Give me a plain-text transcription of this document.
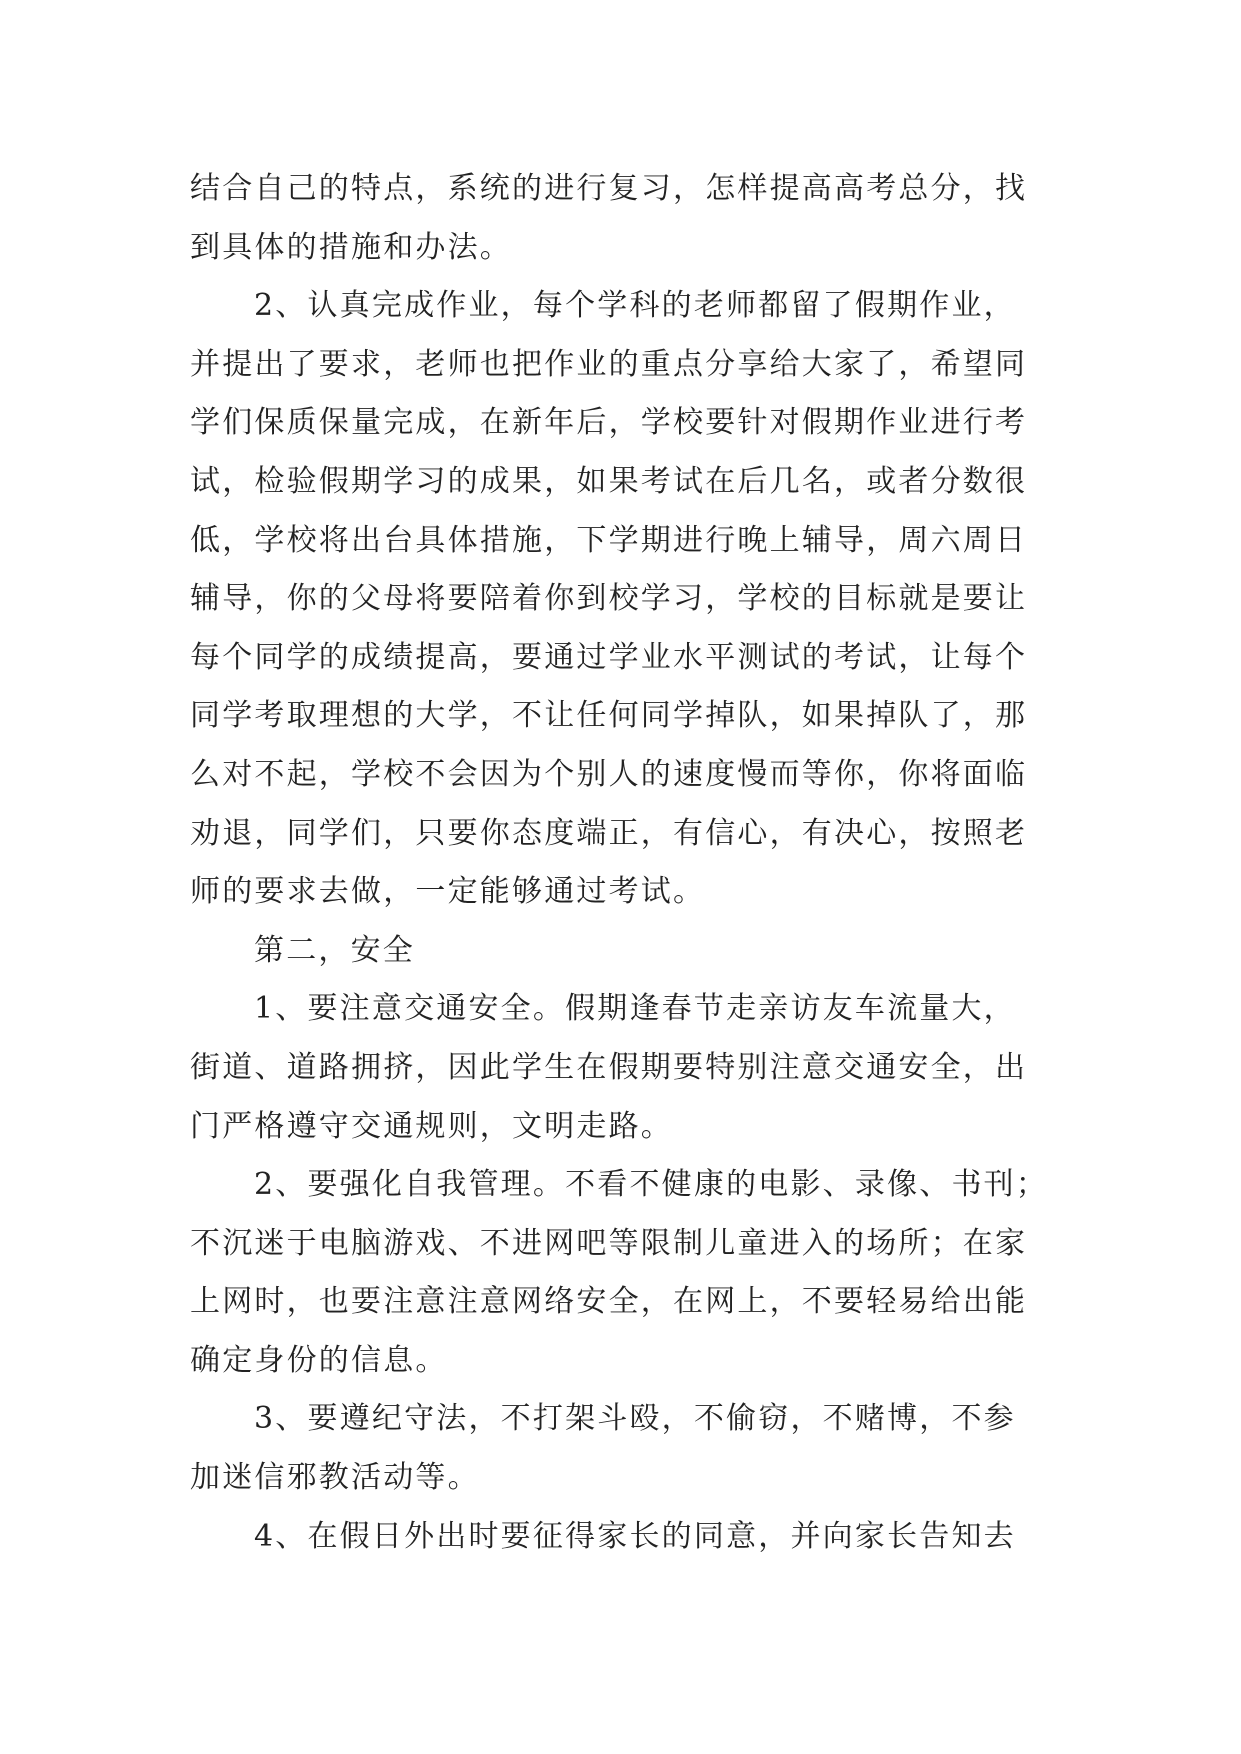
结合自己的特点，系统的进行复习，怎样提高高考总分，找
到具体的措施和办法。
2、认真完成作业，每个学科的老师都留了假期作业，
并提出了要求，老师也把作业的重点分享给大家了，希望同
学们保质保量完成，在新年后，学校要针对假期作业进行考
试，检验假期学习的成果，如果考试在后几名，或者分数很
低，学校将出台具体措施，下学期进行晚上辅导，周六周日
辅导，你的父母将要陪着你到校学习，学校的目标就是要让
每个同学的成绩提高，要通过学业水平测试的考试，让每个
同学考取理想的大学，不让任何同学掉队，如果掉队了，那
么对不起，学校不会因为个别人的速度慢而等你，你将面临
劝退，同学们，只要你态度端正，有信心，有决心，按照老
师的要求去做，一定能够通过考试。
第二，安全
1、要注意交通安全。假期逢春节走亲访友车流量大，
街道、道路拥挤，因此学生在假期要特别注意交通安全，出
门严格遵守交通规则，文明走路。
2、要强化自我管理。不看不健康的电影、录像、书刊；
不沉迷于电脑游戏、不进网吧等限制儿童进入的场所；在家
上网时，也要注意注意网络安全，在网上，不要轻易给出能
确定身份的信息。
3、要遵纪守法，不打架斗殴，不偷窃，不赌博，不参
加迷信邪教活动等。
4、在假日外出时要征得家长的同意，并向家长告知去
